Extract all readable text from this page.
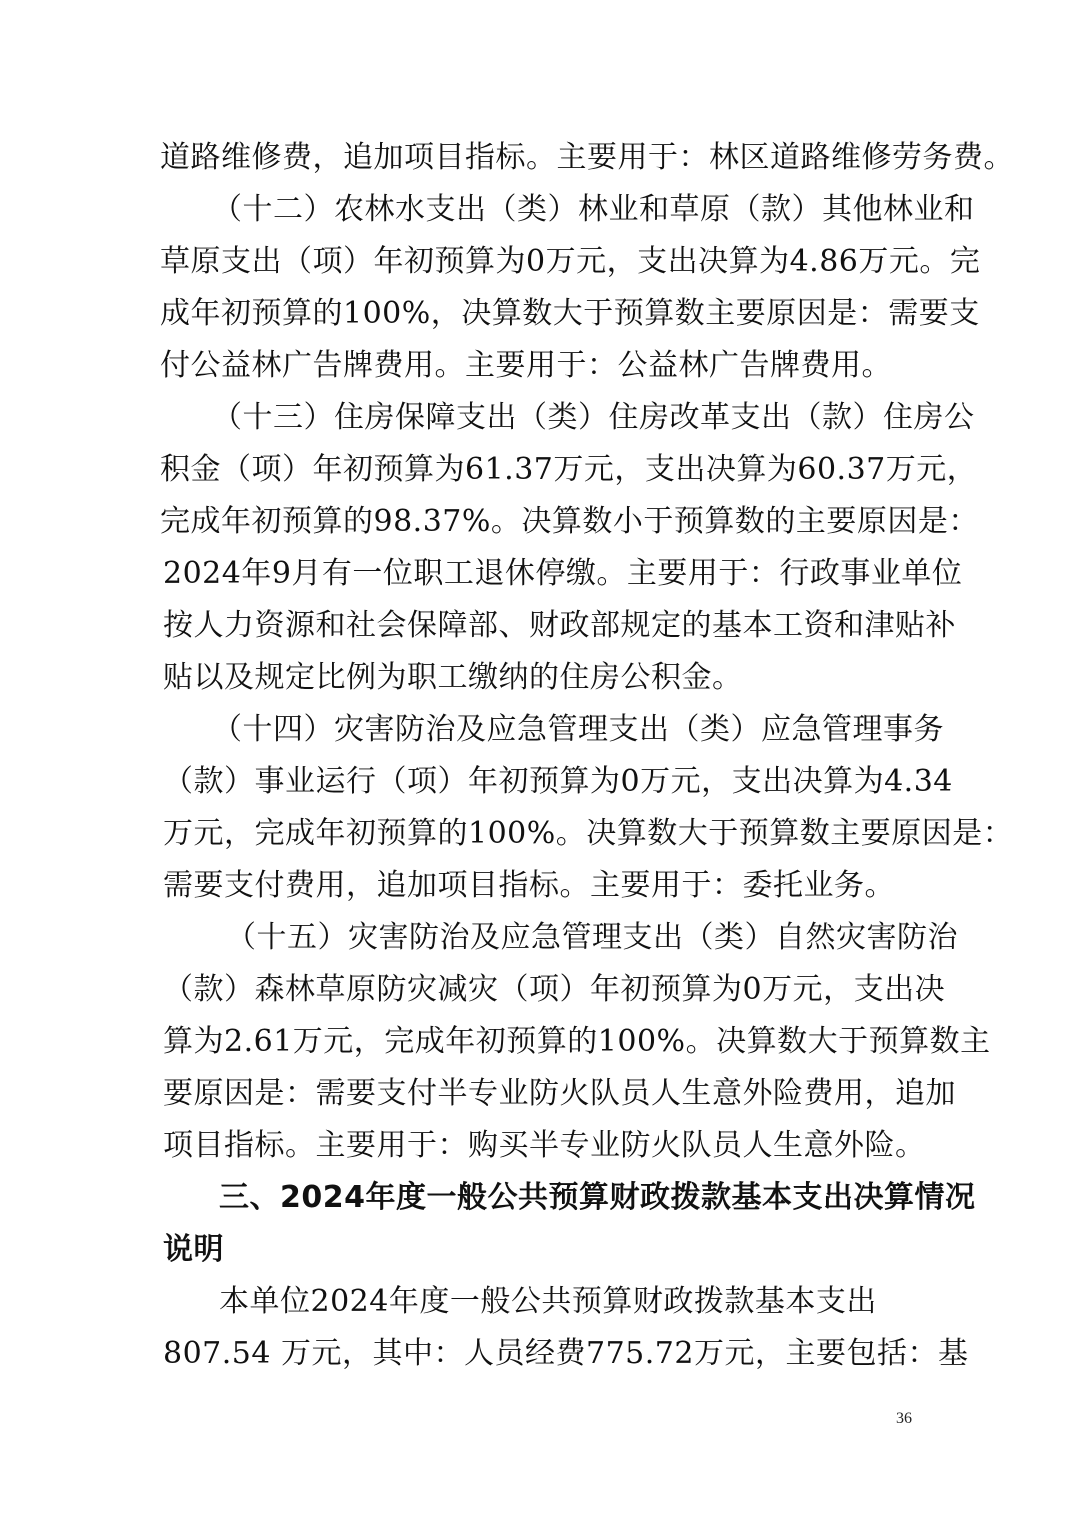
道路维修费，追加项目指标。主要用于：林区道路维修劳务费。
（十二）农林水支出（类）林业和草原（款）其他林业和
草原支出（项）年初预算为0万元，支出决算为4.86万元。完
成年初预算的100%，决算数大于预算数主要原因是：需要支
付公益林广告牌费用。主要用于：公益林广告牌费用。
（十三）住房保障支出（类）住房改革支出（款）住房公
积金（项）年初预算为61.37万元，支出决算为60.37万元，
完成年初预算的98.37%。决算数小于预算数的主要原因是：
2024年9月有一位职工退休停缴。主要用于：行政事业单位
按人力资源和社会保障部、财政部规定的基本工资和津贴补
贴以及规定比例为职工缴纳的住房公积金。
（十四）灾害防治及应急管理支出（类）应急管理事务
（款）事业运行（项）年初预算为0万元，支出决算为4.34
万元，完成年初预算的100%。决算数大于预算数主要原因是：
需要支付费用，追加项目指标。主要用于：委托业务。
（十五）灾害防治及应急管理支出（类）自然灾害防治
（款）森林草原防灾减灾（项）年初预算为0万元，支出决
算为2.61万元，完成年初预算的100%。决算数大于预算数主
要原因是：需要支付半专业防火队员人生意外险费用，追加
项目指标。主要用于：购买半专业防火队员人生意外险。
三、2024年度一般公共预算财政拨款基本支出决算情况
说明
本单位2024年度一般公共预算财政拨款基本支出
807.54 万元，其中：人员经费775.72万元，主要包括：基
36
